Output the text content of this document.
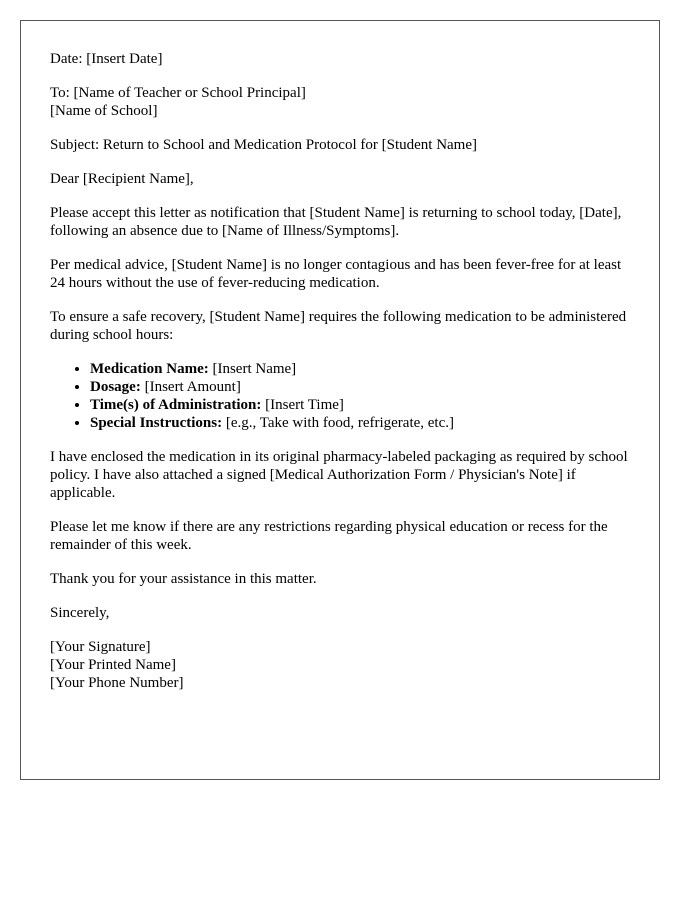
Date: [Insert Date]

To: [Name of Teacher or School Principal]
[Name of School]

Subject: Return to School and Medication Protocol for [Student Name]

Dear [Recipient Name],

Please accept this letter as notification that [Student Name] is returning to school today, [Date], following an absence due to [Name of Illness/Symptoms].

Per medical advice, [Student Name] is no longer contagious and has been fever-free for at least 24 hours without the use of fever-reducing medication.

To ensure a safe recovery, [Student Name] requires the following medication to be administered during school hours:

• Medication Name: [Insert Name]
• Dosage: [Insert Amount]
• Time(s) of Administration: [Insert Time]
• Special Instructions: [e.g., Take with food, refrigerate, etc.]

I have enclosed the medication in its original pharmacy-labeled packaging as required by school policy. I have also attached a signed [Medical Authorization Form / Physician's Note] if applicable.

Please let me know if there are any restrictions regarding physical education or recess for the remainder of this week.

Thank you for your assistance in this matter.

Sincerely,

[Your Signature]
[Your Printed Name]
[Your Phone Number]
